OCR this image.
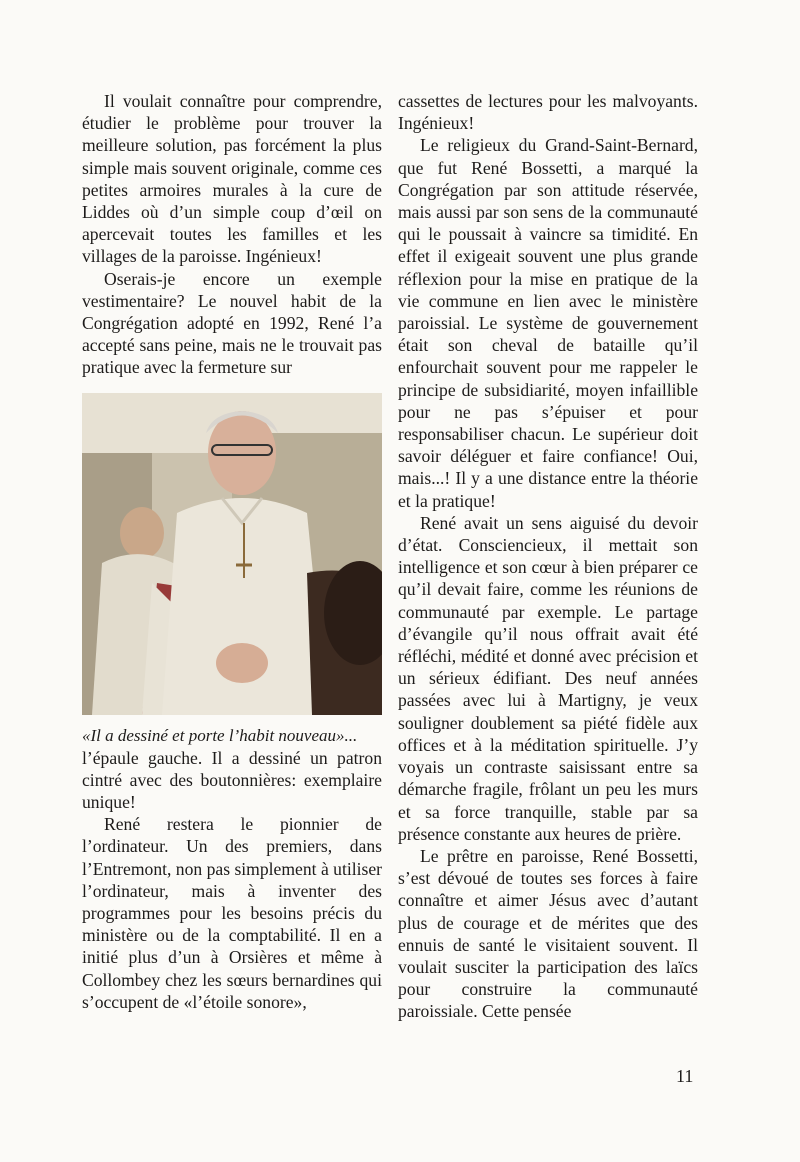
Il voulait connaître pour comprendre, étudier le problème pour trouver la meilleure solution, pas forcément la plus simple mais souvent originale, comme ces petites armoires murales à la cure de Liddes où d’un simple coup d’œil on apercevait toutes les familles et les villages de la paroisse. Ingénieux!

Oserais-je encore un exemple vestimentaire? Le nouvel habit de la Congrégation adopté en 1992, René l’a accepté sans peine, mais ne le trouvait pas pratique avec la fermeture sur

«Il a dessiné et porte l’habit nouveau»...

l’épaule gauche. Il a dessiné un patron cintré avec des boutonnières: exemplaire unique!

René restera le pionnier de l’ordinateur. Un des premiers, dans l’Entremont, non pas simplement à utiliser l’ordinateur, mais à inventer des programmes pour les besoins précis du ministère ou de la comptabilité. Il en a initié plus d’un à Orsières et même à Collombey chez les sœurs bernardines qui s’occupent de «l’étoile sonore»,

cassettes de lectures pour les malvoyants. Ingénieux!

Le religieux du Grand-Saint-Bernard, que fut René Bossetti, a marqué la Congrégation par son attitude réservée, mais aussi par son sens de la communauté qui le poussait à vaincre sa timidité. En effet il exigeait souvent une plus grande réflexion pour la mise en pratique de la vie commune en lien avec le ministère paroissial. Le système de gouvernement était son cheval de bataille qu’il enfourchait souvent pour me rappeler le principe de subsidiarité, moyen infaillible pour ne pas s’épuiser et pour responsabiliser chacun. Le supérieur doit savoir déléguer et faire confiance! Oui, mais...! Il y a une distance entre la théorie et la pratique!

René avait un sens aiguisé du devoir d’état. Consciencieux, il mettait son intelligence et son cœur à bien préparer ce qu’il devait faire, comme les réunions de communauté par exemple. Le partage d’évangile qu’il nous offrait avait été réfléchi, médité et donné avec précision et un sérieux édifiant. Des neuf années passées avec lui à Martigny, je veux souligner doublement sa piété fidèle aux offices et à la méditation spirituelle. J’y voyais un contraste saisissant entre sa démarche fragile, frôlant un peu les murs et sa force tranquille, stable par sa présence constante aux heures de prière.

Le prêtre en paroisse, René Bossetti, s’est dévoué de toutes ses forces à faire connaître et aimer Jésus avec d’autant plus de courage et de mérites que des ennuis de santé le visitaient souvent. Il voulait susciter la participation des laïcs pour construire la communauté paroissiale. Cette pensée

11
